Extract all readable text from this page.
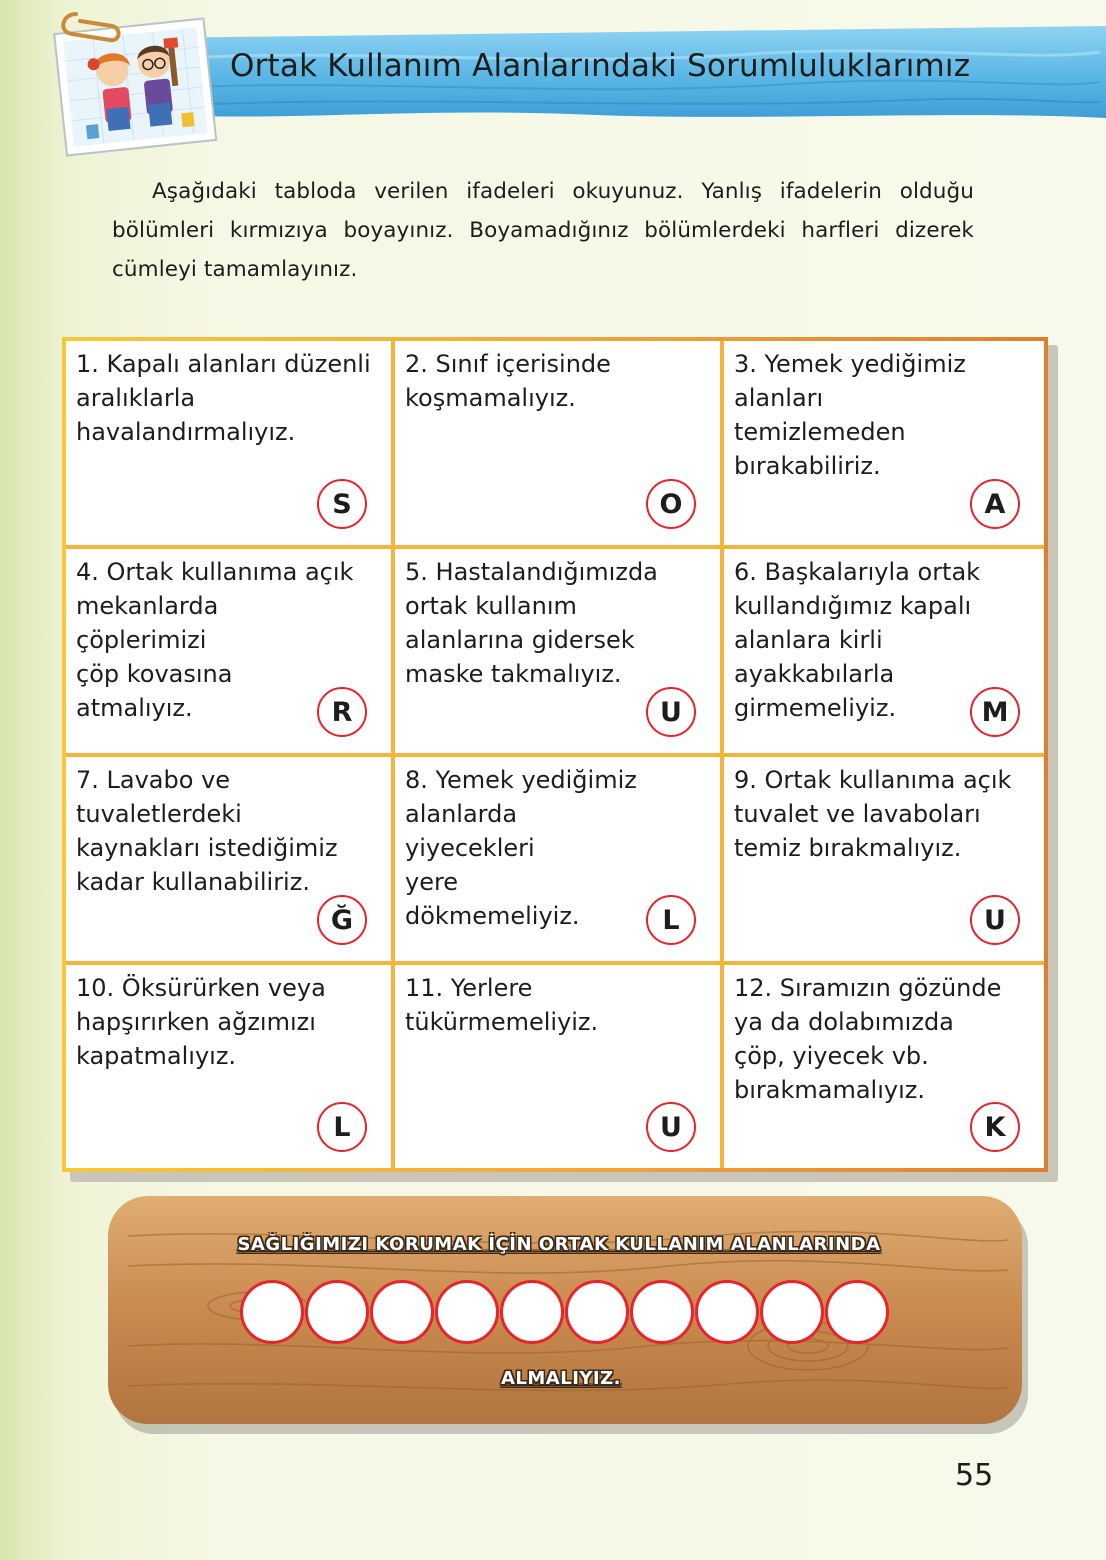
Ortak Kullanım Alanlarındaki Sorumluluklarımız
Aşağıdaki tabloda verilen ifadeleri okuyunuz. Yanlış ifadelerin olduğu bölümleri kırmızıya boyayınız. Boyamadığınız bölümlerdeki harfleri dizerek cümleyi tamamlayınız.
1. Kapalı alanları düzenli
aralıklarla
havalandırmalıyız.
S
2. Sınıf içerisinde
koşmamalıyız.
O
3. Yemek yediğimiz
alanları
temizlemeden
bırakabiliriz.
A
4. Ortak kullanıma açık
mekanlarda
çöplerimizi
çöp kovasına
atmalıyız.	R
5. Hastalandığımızda
ortak kullanım
alanlarına gidersek
maske takmalıyız.
U
6. Başkalarıyla ortak
kullandığımız kapalı
alanlara kirli
ayakkabılarla
girmemeliyiz.	M
7. Lavabo ve
tuvaletlerdeki
kaynakları istediğimiz
kadar kullanabiliriz.
Ğ
8. Yemek yediğimiz
alanlarda
yiyecekleri
yere
dökmemeliyiz.	L
9. Ortak kullanıma açık
tuvalet ve lavaboları
temiz bırakmalıyız.
U
10. Öksürürken veya
hapşırırken ağzımızı
kapatmalıyız.
L
11. Yerlere
tükürmemeliyiz.
U
12. Sıramızın gözünde
ya da dolabımızda
çöp, yiyecek vb.
bırakmamalıyız.
K
SAĞLIĞIMIZI KORUMAK İÇİN ORTAK KULLANIM ALANLARINDA
ALMALIYIZ.
55
